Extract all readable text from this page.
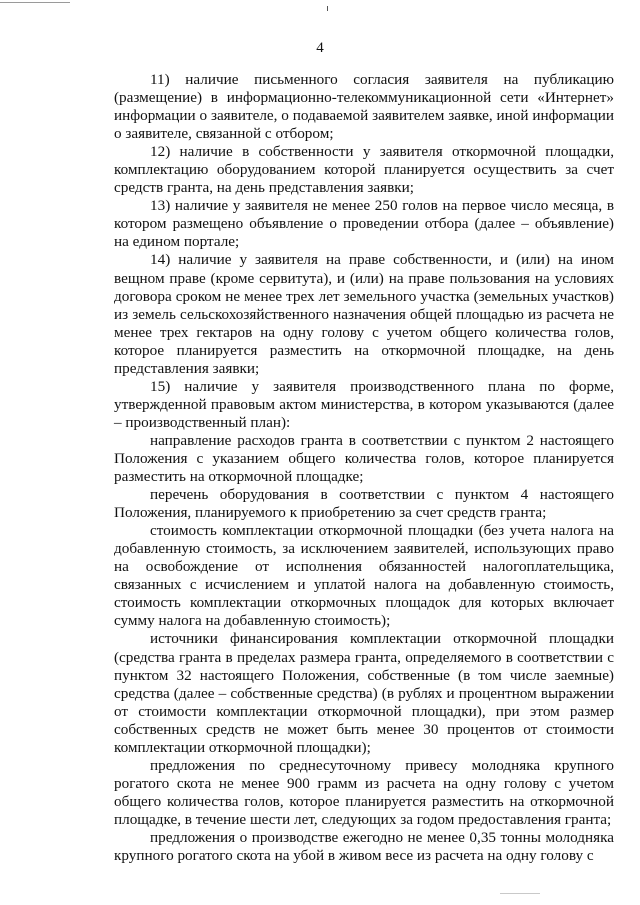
4

11) наличие письменного согласия заявителя на публикацию (размещение) в информационно-телекоммуникационной сети «Интернет» информации о заявителе, о подаваемой заявителем заявке, иной информации о заявителе, связанной с отбором;

12) наличие в собственности у заявителя откормочной площадки, комплектацию оборудованием которой планируется осуществить за счет средств гранта, на день представления заявки;

13) наличие у заявителя не менее 250 голов на первое число месяца, в котором размещено объявление о проведении отбора (далее – объявление) на едином портале;

14) наличие у заявителя на праве собственности, и (или) на ином вещном праве (кроме сервитута), и (или) на праве пользования на условиях договора сроком не менее трех лет земельного участка (земельных участков) из земель сельскохозяйственного назначения общей площадью из расчета не менее трех гектаров на одну голову с учетом общего количества голов, которое планируется разместить на откормочной площадке, на день представления заявки;

15) наличие у заявителя производственного плана по форме, утвержденной правовым актом министерства, в котором указываются (далее – производственный план):

направление расходов гранта в соответствии с пунктом 2 настоящего Положения с указанием общего количества голов, которое планируется разместить на откормочной площадке;

перечень оборудования в соответствии с пунктом 4 настоящего Положения, планируемого к приобретению за счет средств гранта;

стоимость комплектации откормочной площадки (без учета налога на добавленную стоимость, за исключением заявителей, использующих право на освобождение от исполнения обязанностей налогоплательщика, связанных с исчислением и уплатой налога на добавленную стоимость, стоимость комплектации откормочных площадок для которых включает сумму налога на добавленную стоимость);

источники финансирования комплектации откормочной площадки (средства гранта в пределах размера гранта, определяемого в соответствии с пунктом 32 настоящего Положения, собственные (в том числе заемные) средства (далее – собственные средства) (в рублях и процентном выражении от стоимости комплектации откормочной площадки), при этом размер собственных средств не может быть менее 30 процентов от стоимости комплектации откормочной площадки);

предложения по среднесуточному привесу молодняка крупного рогатого скота не менее 900 грамм из расчета на одну голову с учетом общего количества голов, которое планируется разместить на откормочной площадке, в течение шести лет, следующих за годом предоставления гранта;

предложения о производстве ежегодно не менее 0,35 тонны молодняка крупного рогатого скота на убой в живом весе из расчета на одну голову с
